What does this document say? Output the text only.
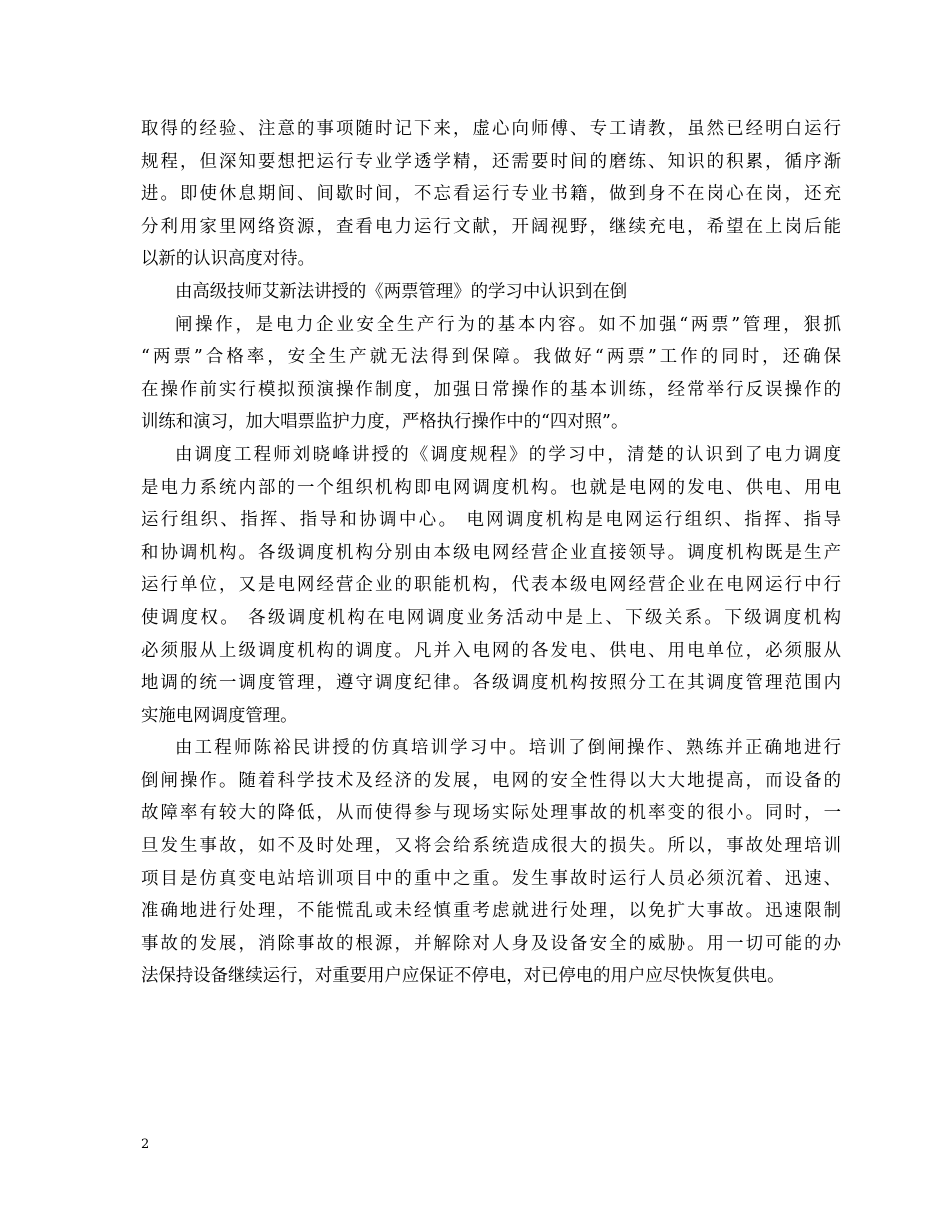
取得的经验、注意的事项随时记下来，虚心向师傅、专工请教，虽然已经明白运行
规程，但深知要想把运行专业学透学精，还需要时间的磨练、知识的积累，循序渐
进。即使休息期间、间歇时间，不忘看运行专业书籍，做到身不在岗心在岗，还充
分利用家里网络资源，查看电力运行文献，开阔视野，继续充电，希望在上岗后能
以新的认识高度对待。
由高级技师艾新法讲授的《两票管理》的学习中认识到在倒
闸操作，是电力企业安全生产行为的基本内容。如不加强“两票”管理，狠抓
“两票”合格率，安全生产就无法得到保障。我做好“两票”工作的同时，还确保
在操作前实行模拟预演操作制度，加强日常操作的基本训练，经常举行反误操作的
训练和演习，加大唱票监护力度，严格执行操作中的“四对照”。
由调度工程师刘晓峰讲授的《调度规程》的学习中，清楚的认识到了电力调度
是电力系统内部的一个组织机构即电网调度机构。也就是电网的发电、供电、用电
运行组织、指挥、指导和协调中心。 电网调度机构是电网运行组织、指挥、指导
和协调机构。各级调度机构分别由本级电网经营企业直接领导。调度机构既是生产
运行单位，又是电网经营企业的职能机构，代表本级电网经营企业在电网运行中行
使调度权。 各级调度机构在电网调度业务活动中是上、下级关系。下级调度机构
必须服从上级调度机构的调度。凡并入电网的各发电、供电、用电单位，必须服从
地调的统一调度管理，遵守调度纪律。各级调度机构按照分工在其调度管理范围内
实施电网调度管理。
由工程师陈裕民讲授的仿真培训学习中。培训了倒闸操作、熟练并正确地进行
倒闸操作。随着科学技术及经济的发展，电网的安全性得以大大地提高，而设备的
故障率有较大的降低，从而使得参与现场实际处理事故的机率变的很小。同时，一
旦发生事故，如不及时处理，又将会给系统造成很大的损失。所以，事故处理培训
项目是仿真变电站培训项目中的重中之重。发生事故时运行人员必须沉着、迅速、
准确地进行处理，不能慌乱或未经慎重考虑就进行处理，以免扩大事故。迅速限制
事故的发展，消除事故的根源，并解除对人身及设备安全的威胁。用一切可能的办
法保持设备继续运行，对重要用户应保证不停电，对已停电的用户应尽快恢复供电。
2
